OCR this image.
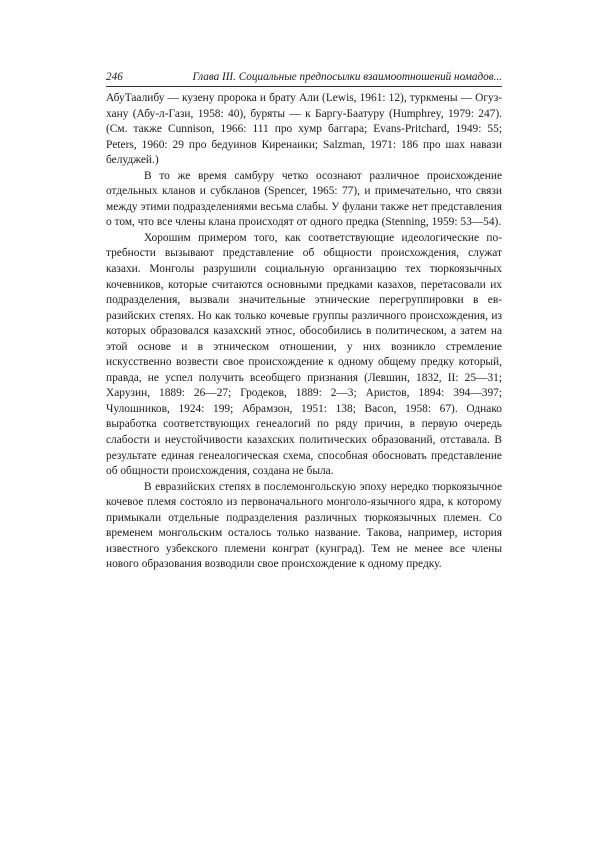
246	Глава III. Социальные предпосылки взаимоотношений номадов...

АбуТаалибу — кузену пророка и брату Али (Lewis, 1961: 12), туркмены — Огуз-хану (Абу-л-Гази, 1958: 40), буряты — к Баргу-Баатуру (Humphrey, 1979: 247). (См. также Cunnison, 1966: 111 про хумр баггара; Evans-Pritchard, 1949: 55; Peters, 1960: 29 про бедуинов Киренаики; Salzman, 1971: 186 про шах навази белуджей.)

В то же время самбуру четко осознают различное происхождение отдельных кланов и субкланов (Spencer, 1965: 77), и примечательно, что связи между этими подразделениями весьма слабы. У фулани также нет представления о том, что все члены клана происходят от одного предка (Stenning, 1959: 53—54).

Хорошим примером того, как соответствующие идеологические потребности вызывают представление об общности происхождения, служат казахи. Монголы разрушили социальную организацию тех тюркоязычных кочевников, которые считаются основными предками казахов, перетасовали их подразделения, вызвали значительные этнические перегруппировки в евразийских степях. Но как только кочевые группы различного происхождения, из которых образовался казахский этнос, обособились в политическом, а затем на этой основе и в этническом отношении, у них возникло стремление искусственно возвести свое происхождение к одному общему предку который, правда, не успел получить всеобщего признания (Левшин, 1832, II: 25—31; Харузин, 1889: 26—27; Гродеков, 1889: 2—3; Аристов, 1894: 394—397; Чулошников, 1924: 199; Абрамзон, 1951: 138; Bacon, 1958: 67). Однако выработка соответствующих генеалогий по ряду причин, в первую очередь слабости и неустойчивости казахских политических образований, отставала. В результате единая генеалогическая схема, способная обосновать представление об общности происхождения, создана не была.

В евразийских степях в послемонгольскую эпоху нередко тюркоязычное кочевое племя состояло из первоначального монголо-язычного ядра, к которому примыкали отдельные подразделения различных тюркоязычных племен. Со временем монгольским осталось только название. Такова, например, история известного узбекского племени конграт (кунград). Тем не менее все члены нового образования возводили свое происхождение к одному предку.
